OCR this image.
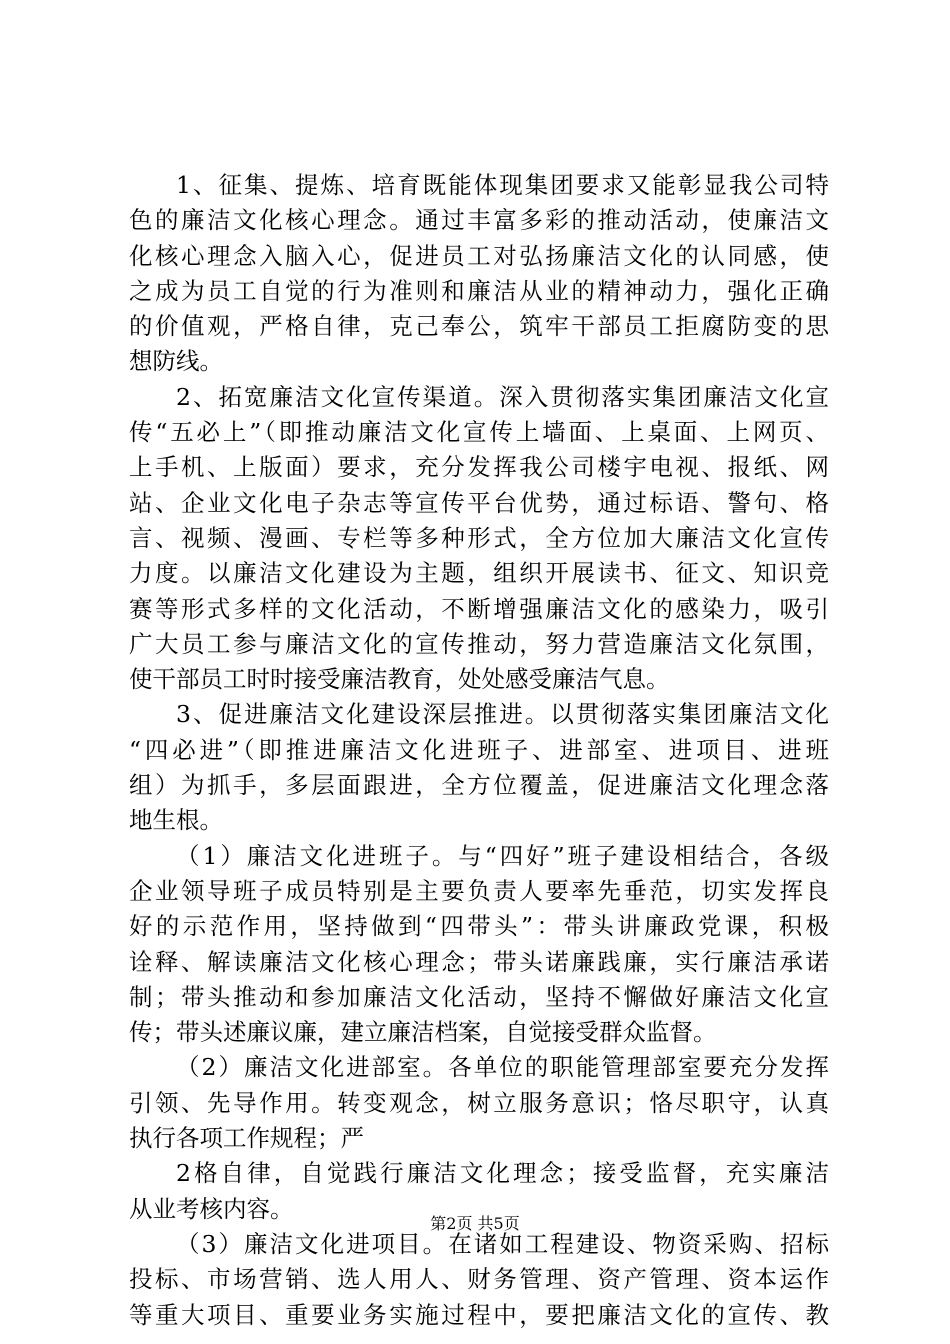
1、征集、提炼、培育既能体现集团要求又能彰显我公司特
色的廉洁文化核心理念。通过丰富多彩的推动活动，使廉洁文
化核心理念入脑入心，促进员工对弘扬廉洁文化的认同感，使
之成为员工自觉的行为准则和廉洁从业的精神动力，强化正确
的价值观，严格自律，克己奉公，筑牢干部员工拒腐防变的思
想防线。
2、拓宽廉洁文化宣传渠道。深入贯彻落实集团廉洁文化宣
传“五必上”（即推动廉洁文化宣传上墙面、上桌面、上网页、
上手机、上版面）要求，充分发挥我公司楼宇电视、报纸、网
站、企业文化电子杂志等宣传平台优势，通过标语、警句、格
言、视频、漫画、专栏等多种形式，全方位加大廉洁文化宣传
力度。以廉洁文化建设为主题，组织开展读书、征文、知识竞
赛等形式多样的文化活动，不断增强廉洁文化的感染力，吸引
广大员工参与廉洁文化的宣传推动，努力营造廉洁文化氛围，
使干部员工时时接受廉洁教育，处处感受廉洁气息。
3、促进廉洁文化建设深层推进。以贯彻落实集团廉洁文化
“四必进”（即推进廉洁文化进班子、进部室、进项目、进班
组）为抓手，多层面跟进，全方位覆盖，促进廉洁文化理念落
地生根。
（1）廉洁文化进班子。与“四好”班子建设相结合，各级
企业领导班子成员特别是主要负责人要率先垂范，切实发挥良
好的示范作用，坚持做到“四带头”：带头讲廉政党课，积极
诠释、解读廉洁文化核心理念；带头诺廉践廉，实行廉洁承诺
制；带头推动和参加廉洁文化活动，坚持不懈做好廉洁文化宣
传；带头述廉议廉，建立廉洁档案，自觉接受群众监督。
（2）廉洁文化进部室。各单位的职能管理部室要充分发挥
引领、先导作用。转变观念，树立服务意识；恪尽职守，认真
执行各项工作规程；严
2格自律，自觉践行廉洁文化理念；接受监督，充实廉洁
从业考核内容。
（3）廉洁文化进项目。在诸如工程建设、物资采购、招标
投标、市场营销、选人用人、财务管理、资产管理、资本运作
等重大项目、重要业务实施过程中，要把廉洁文化的宣传、教
第2页 共5页
